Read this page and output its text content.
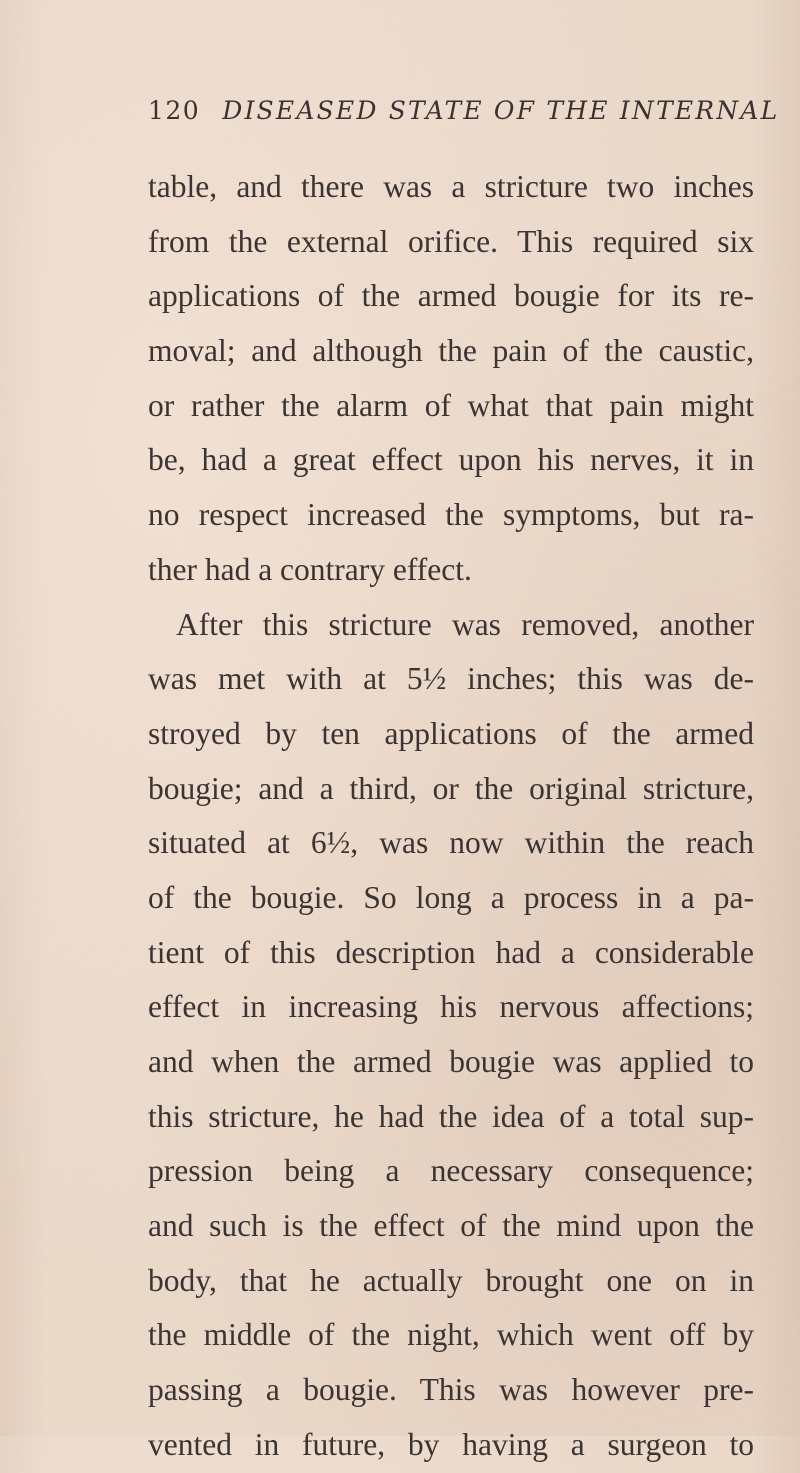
120 DISEASED STATE OF THE INTERNAL
table, and there was a stricture two inches
from the external orifice. This required six
applications of the armed bougie for its re-
moval; and although the pain of the caustic,
or rather the alarm of what that pain might
be, had a great effect upon his nerves, it in
no respect increased the symptoms, but ra-
ther had a contrary effect.
After this stricture was removed, another
was met with at 5½ inches; this was de-
stroyed by ten applications of the armed
bougie; and a third, or the original stricture,
situated at 6½, was now within the reach
of the bougie. So long a process in a pa-
tient of this description had a considerable
effect in increasing his nervous affections;
and when the armed bougie was applied to
this stricture, he had the idea of a total sup-
pression being a necessary consequence;
and such is the effect of the mind upon the
body, that he actually brought one on in
the middle of the night, which went off by
passing a bougie. This was however pre-
vented in future, by having a surgeon to
